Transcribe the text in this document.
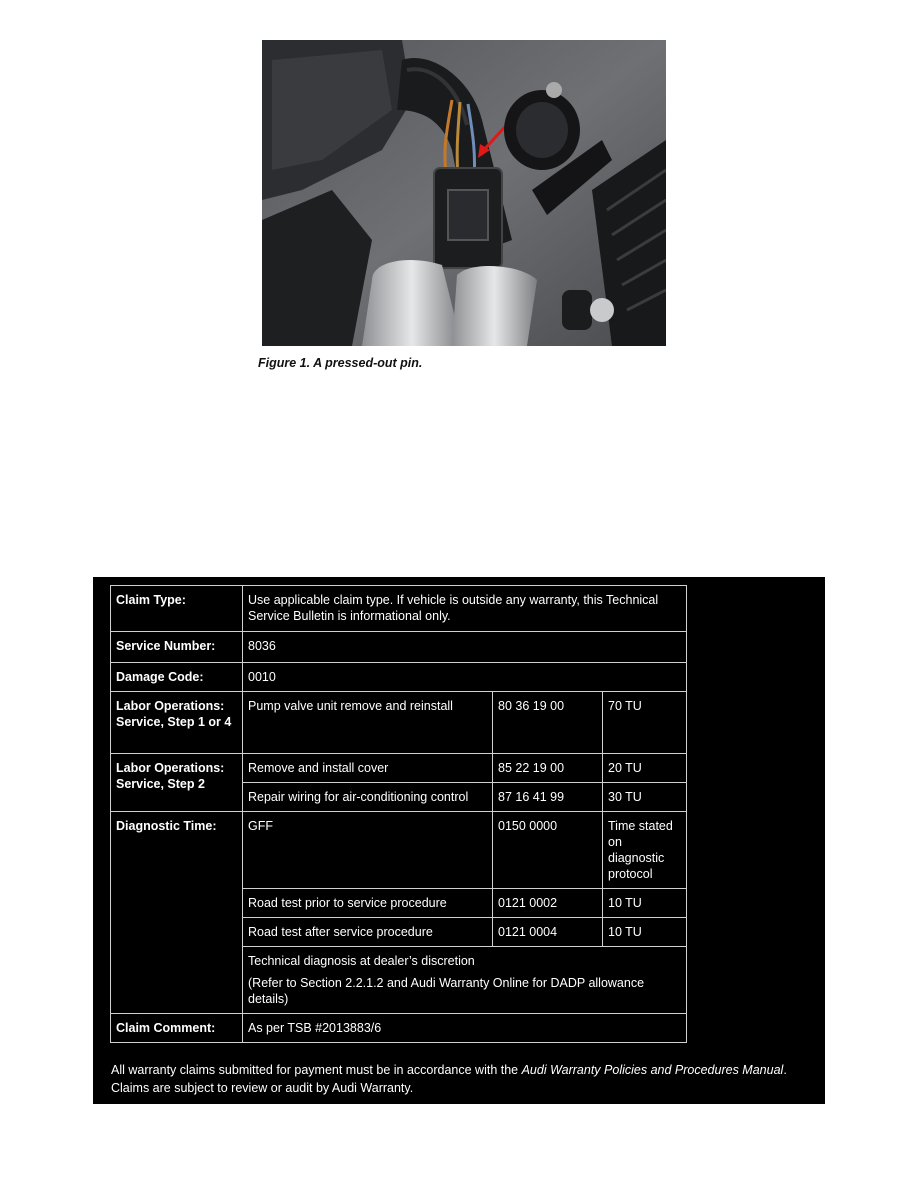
Figure 1. A pressed-out pin.
Claim Type:	Use applicable claim type. If vehicle is outside any warranty, this Technical Service Bulletin is informational only.		
Service Number:	8036		
Damage Code:	0010		
Labor Operations: Service, Step 1 or 4	Pump valve unit remove and reinstall	80 36 19 00	70 TU
Labor Operations: Service, Step 2	Remove and install cover	85 22 19 00	20 TU
	Repair wiring for air-conditioning control	87 16 41 99	30 TU
Diagnostic Time:	GFF	0150 0000	Time stated on diagnostic protocol
	Road test prior to service procedure	0121 0002	10 TU
	Road test after service procedure	0121 0004	10 TU
	Technical diagnosis at dealer’s discretion
(Refer to Section 2.2.1.2 and Audi Warranty Online for DADP allowance details)		

Claim Comment:	As per TSB #2013883/6		
All warranty claims submitted for payment must be in accordance with the Audi Warranty Policies and Procedures Manual. Claims are subject to review or audit by Audi Warranty.
